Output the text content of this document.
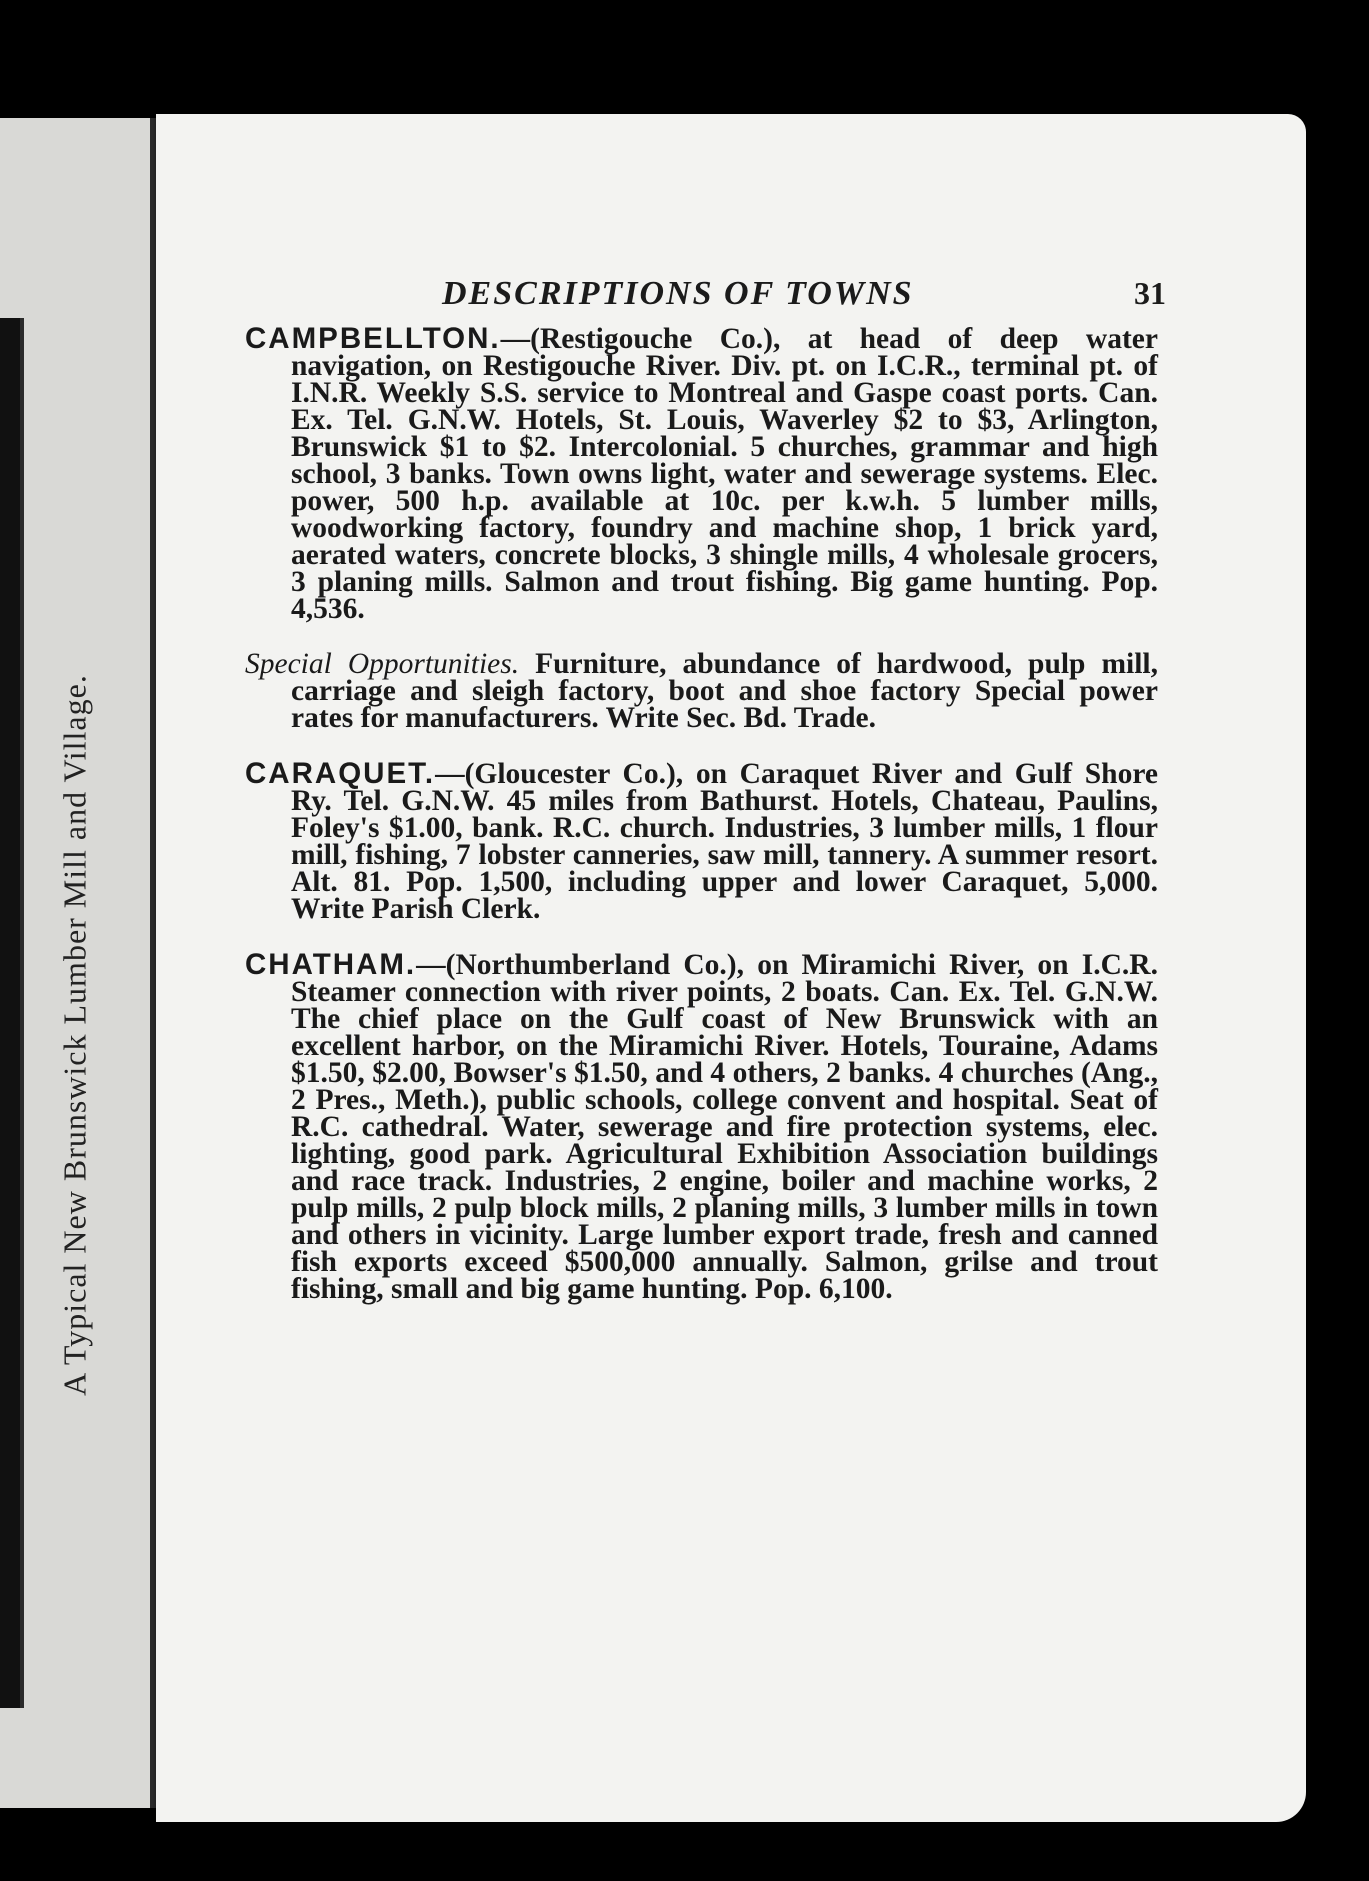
A Typical New Brunswick Lumber Mill and Village.
DESCRIPTIONS OF TOWNS	31

CAMPBELLTON.—(Restigouche Co.), at head of deep water navigation, on Restigouche River. Div. pt. on I.C.R., terminal pt. of I.N.R. Weekly S.S. service to Montreal and Gaspe coast ports. Can. Ex. Tel. G.N.W. Hotels, St. Louis, Waverley $2 to $3, Arlington, Brunswick $1 to $2. Intercolonial. 5 churches, grammar and high school, 3 banks. Town owns light, water and sewerage systems. Elec. power, 500 h.p. available at 10c. per k.w.h. 5 lumber mills, woodworking factory, foundry and machine shop, 1 brick yard, aerated waters, concrete blocks, 3 shingle mills, 4 wholesale grocers, 3 planing mills. Salmon and trout fishing. Big game hunting. Pop. 4,536.

Special Opportunities. Furniture, abundance of hardwood, pulp mill, carriage and sleigh factory, boot and shoe factory Special power rates for manufacturers. Write Sec. Bd. Trade.

CARAQUET.—(Gloucester Co.), on Caraquet River and Gulf Shore Ry. Tel. G.N.W. 45 miles from Bathurst. Hotels, Chateau, Paulins, Foley's $1.00, bank. R.C. church. Industries, 3 lumber mills, 1 flour mill, fishing, 7 lobster canneries, saw mill, tannery. A summer resort. Alt. 81. Pop. 1,500, including upper and lower Caraquet, 5,000. Write Parish Clerk.

CHATHAM.—(Northumberland Co.), on Miramichi River, on I.C.R. Steamer connection with river points, 2 boats. Can. Ex. Tel. G.N.W. The chief place on the Gulf coast of New Brunswick with an excellent harbor, on the Miramichi River. Hotels, Touraine, Adams $1.50, $2.00, Bowser's $1.50, and 4 others, 2 banks. 4 churches (Ang., 2 Pres., Meth.), public schools, college convent and hospital. Seat of R.C. cathedral. Water, sewerage and fire protection systems, elec. lighting, good park. Agricultural Exhibition Association buildings and race track. Industries, 2 engine, boiler and machine works, 2 pulp mills, 2 pulp block mills, 2 planing mills, 3 lumber mills in town and others in vicinity. Large lumber export trade, fresh and canned fish exports exceed $500,000 annually. Salmon, grilse and trout fishing, small and big game hunting. Pop. 6,100.
